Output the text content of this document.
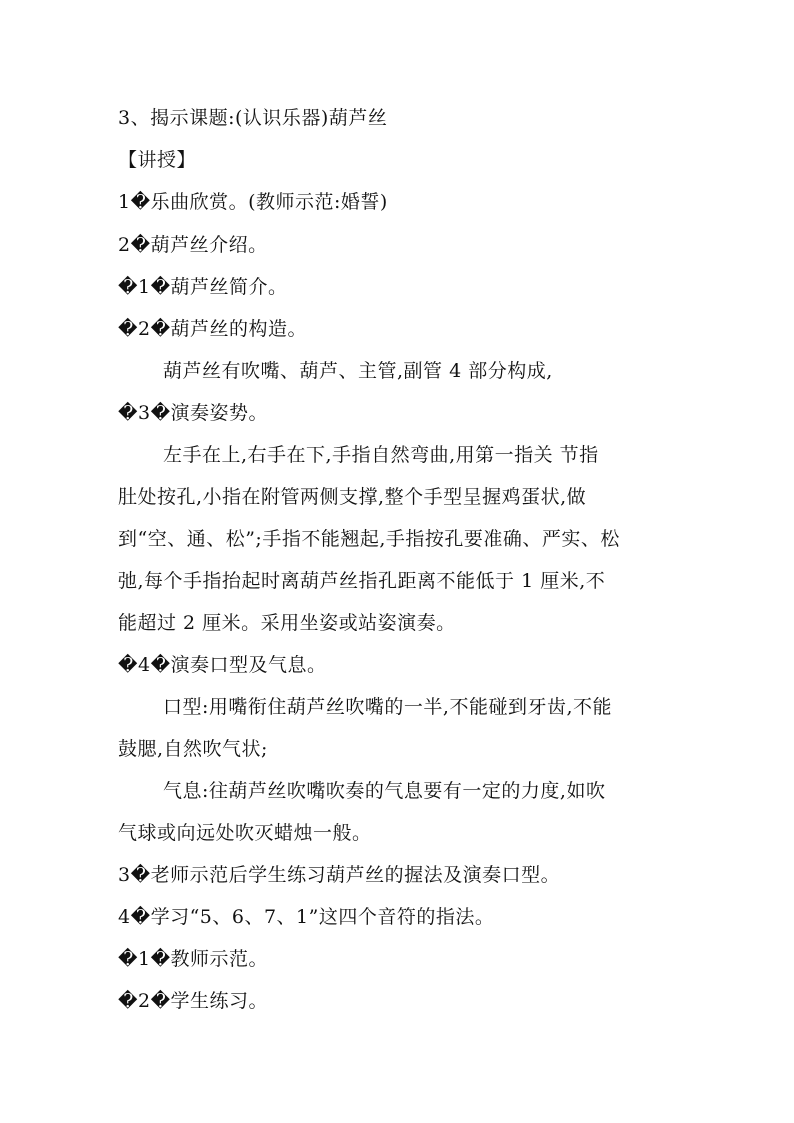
3、揭示课题:(认识乐器)葫芦丝
【讲授】
1�乐曲欣赏。(教师示范:婚誓)
2�葫芦丝介绍。
�1�葫芦丝简介。
�2�葫芦丝的构造。
葫芦丝有吹嘴、葫芦、主管,副管 4 部分构成,
�3�演奏姿势。
左手在上,右手在下,手指自然弯曲,用第一指关 节指
肚处按孔,小指在附管两侧支撑,整个手型呈握鸡蛋状,做
到“空、通、松”;手指不能翘起,手指按孔要准确、严实、松
弛,每个手指抬起时离葫芦丝指孔距离不能低于 1 厘米,不
能超过 2 厘米。采用坐姿或站姿演奏。
�4�演奏口型及气息。
口型:用嘴衔住葫芦丝吹嘴的一半,不能碰到牙齿,不能
鼓腮,自然吹气状;
气息:往葫芦丝吹嘴吹奏的气息要有一定的力度,如吹
气球或向远处吹灭蜡烛一般。
3�老师示范后学生练习葫芦丝的握法及演奏口型。
4�学习“5、6、7、1”这四个音符的指法。
�1�教师示范。
�2�学生练习。
